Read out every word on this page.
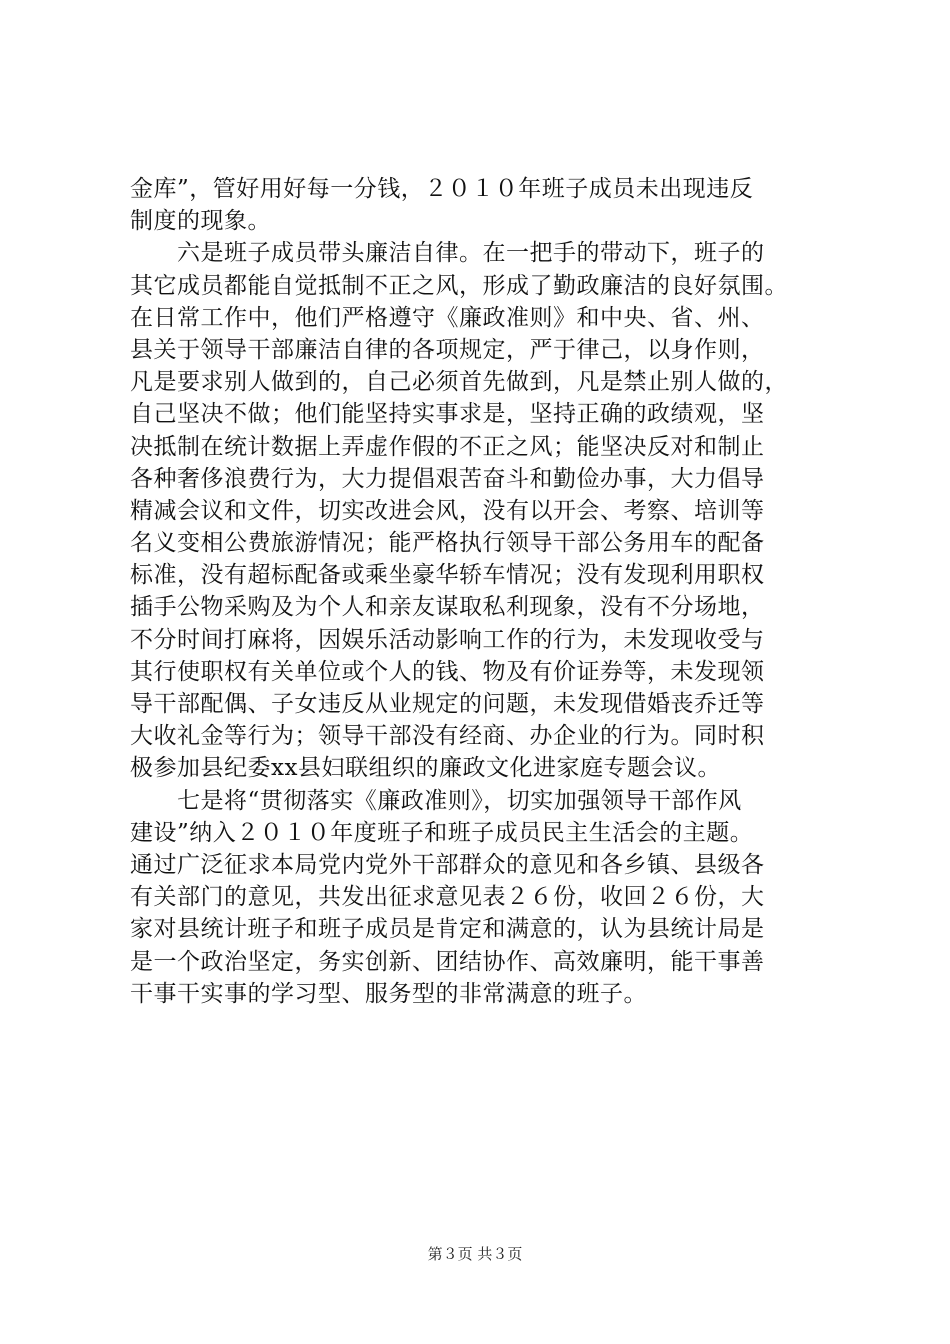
金库”，管好用好每一分钱，２０１０年班子成员未出现违反
制度的现象。
　　六是班子成员带头廉洁自律。在一把手的带动下，班子的
其它成员都能自觉抵制不正之风，形成了勤政廉洁的良好氛围。
在日常工作中，他们严格遵守《廉政准则》和中央、省、州、
县关于领导干部廉洁自律的各项规定，严于律己，以身作则，
凡是要求别人做到的，自己必须首先做到，凡是禁止别人做的，
自己坚决不做；他们能坚持实事求是，坚持正确的政绩观，坚
决抵制在统计数据上弄虚作假的不正之风；能坚决反对和制止
各种奢侈浪费行为，大力提倡艰苦奋斗和勤俭办事，大力倡导
精减会议和文件，切实改进会风，没有以开会、考察、培训等
名义变相公费旅游情况；能严格执行领导干部公务用车的配备
标准，没有超标配备或乘坐豪华轿车情况；没有发现利用职权
插手公物采购及为个人和亲友谋取私利现象，没有不分场地，
不分时间打麻将，因娱乐活动影响工作的行为，未发现收受与
其行使职权有关单位或个人的钱、物及有价证券等，未发现领
导干部配偶、子女违反从业规定的问题，未发现借婚丧乔迁等
大收礼金等行为；领导干部没有经商、办企业的行为。同时积
极参加县纪委xx县妇联组织的廉政文化进家庭专题会议。
　　七是将“贯彻落实《廉政准则》，切实加强领导干部作风
建设”纳入２０１０年度班子和班子成员民主生活会的主题。
通过广泛征求本局党内党外干部群众的意见和各乡镇、县级各
有关部门的意见，共发出征求意见表２６份，收回２６份，大
家对县统计班子和班子成员是肯定和满意的，认为县统计局是
是一个政治坚定，务实创新、团结协作、高效廉明，能干事善
干事干实事的学习型、服务型的非常满意的班子。
第３页 共３页
